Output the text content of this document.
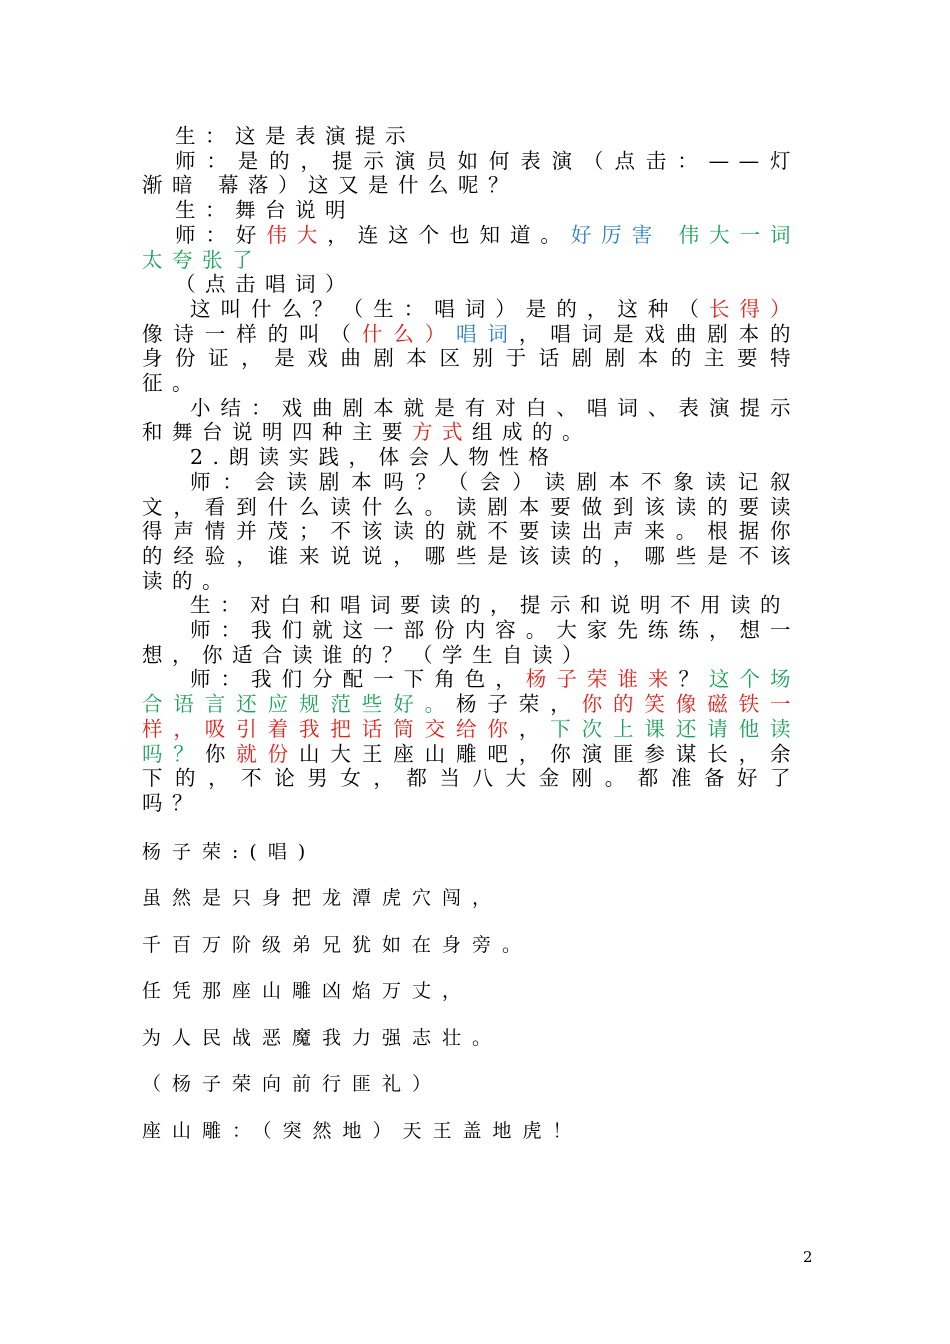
生：这是表演提示

师：是的，提示演员如何表演（点击：——灯渐暗 幕落）这又是什么呢？

生：舞台说明

师：好伟大，连这个也知道。好厉害 伟大一词太夸张了

（点击唱词）

这叫什么？（生：唱词）是的，这种（长得）像诗一样的叫（什么）唱词，唱词是戏曲剧本的身份证，是戏曲剧本区别于话剧剧本的主要特征。

小结：戏曲剧本就是有对白、唱词、表演提示和舞台说明四种主要方式组成的。

2.朗读实践，体会人物性格

师：会读剧本吗？（会）读剧本不象读记叙文，看到什么读什么。读剧本要做到该读的要读得声情并茂；不该读的就不要读出声来。根据你的经验，谁来说说，哪些是该读的，哪些是不该读的。

生：对白和唱词要读的，提示和说明不用读的

师：我们就这一部份内容。大家先练练，想一想，你适合读谁的？（学生自读）

师：我们分配一下角色，杨子荣谁来？这个场合语言还应规范些好。杨子荣，你的笑像磁铁一样，吸引着我把话筒交给你，下次上课还请他读吗？你就份山大王座山雕吧，你演匪参谋长，余下的，不论男女，都当八大金刚。都准备好了吗？

杨子荣:(唱)

虽然是只身把龙潭虎穴闯，

千百万阶级弟兄犹如在身旁。

任凭那座山雕凶焰万丈，

为人民战恶魔我力强志壮。

（杨子荣向前行匪礼）

座山雕：（突然地）天王盖地虎！

2
